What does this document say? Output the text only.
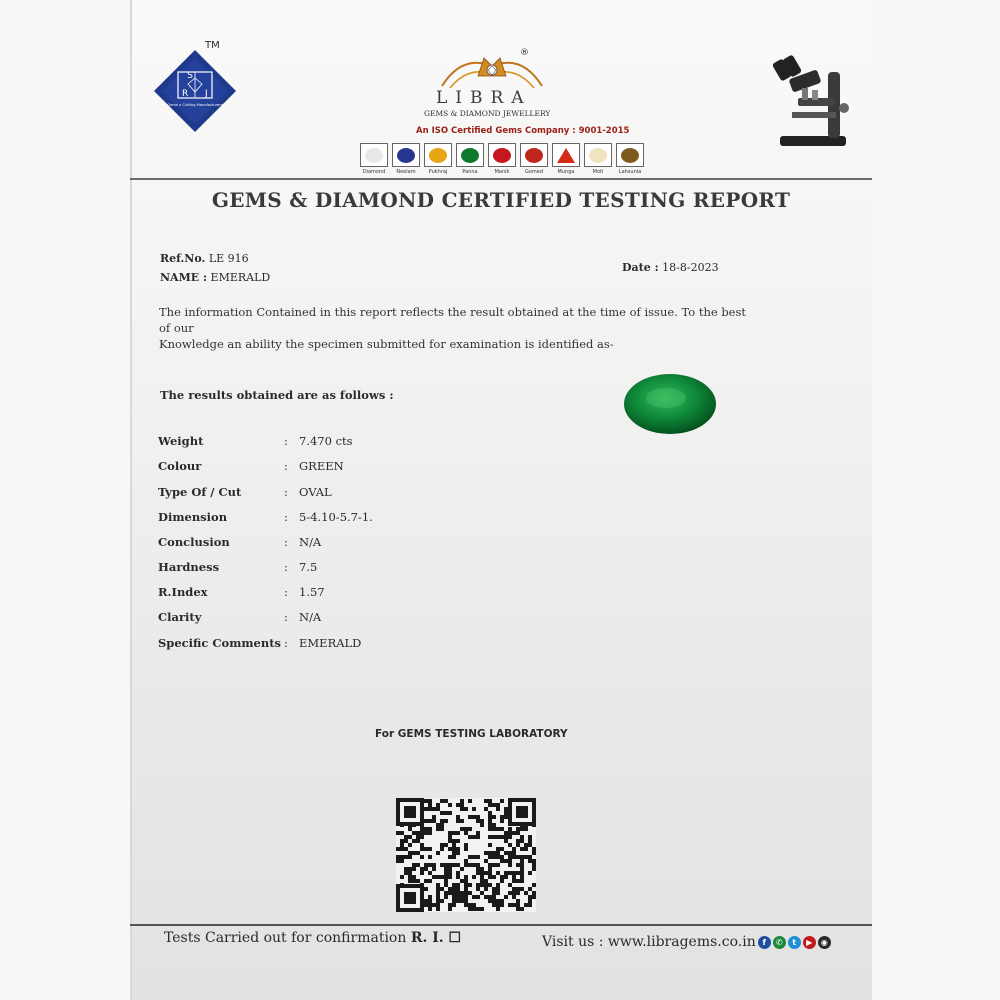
S
R J
Gems n Cutting Manufacturers
TM
®
LIBRA
GEMS & DIAMOND JEWELLERY
An ISO Certified Gems Company : 9001-2015
Diamond Neelam	Pukhraj	Panna	Manik	Gomed	Munga	Moti	Lahsunia
GEMS & DIAMOND CERTIFIED TESTING REPORT
Ref.No. LE 916
NAME : EMERALD
Date : 18-8-2023
The information Contained in this report reflects the result obtained at the time of issue. To the best of our
Knowledge an ability the specimen submitted for examination is identified as-
The results obtained are as follows :
Weight	: 7.470 cts
Colour	: GREEN
Type Of / Cut	: OVAL
Dimension	: 5-4.10-5.7-1.
Conclusion	: N/A
Hardness	: 7.5
R.Index	: 1.57
Clarity	: N/A
Specific Comments : EMERALD
For GEMS TESTING LABORATORY
Tests Carried out for confirmation R. I. ☐	Visit us : www.libragems.co.in f	✆	t	▶	◉
